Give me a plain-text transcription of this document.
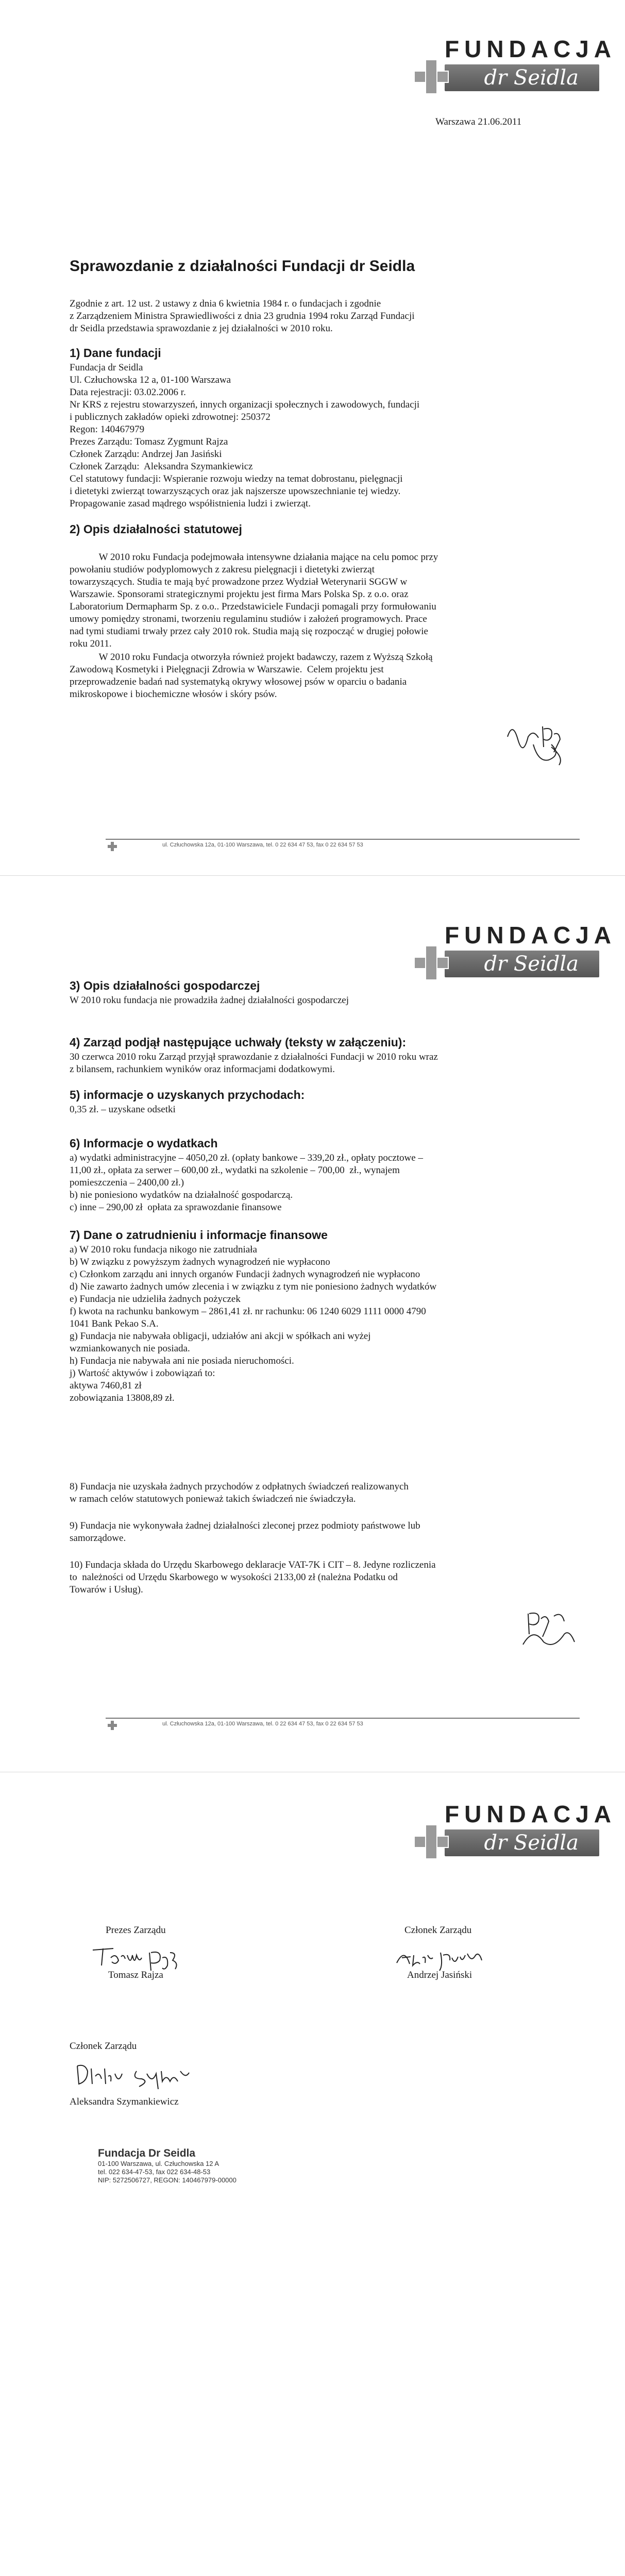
FUNDACJA
dr Seidla
Warszawa 21.06.2011
Sprawozdanie z działalności Fundacji dr Seidla
Zgodnie z art. 12 ust. 2 ustawy z dnia 6 kwietnia 1984 r. o fundacjach i zgodnie
z Zarządzeniem Ministra Sprawiedliwości z dnia 23 grudnia 1994 roku Zarząd Fundacji
dr Seidla przedstawia sprawozdanie z jej działalności w 2010 roku.
1) Dane fundacji
Fundacja dr Seidla
Ul. Człuchowska 12 a, 01-100 Warszawa
Data rejestracji: 03.02.2006 r.
Nr KRS z rejestru stowarzyszeń, innych organizacji społecznych i zawodowych, fundacji
i publicznych zakładów opieki zdrowotnej: 250372
Regon: 140467979
Prezes Zarządu: Tomasz Zygmunt Rajza
Członek Zarządu: Andrzej Jan Jasiński
Członek Zarządu:  Aleksandra Szymankiewicz
Cel statutowy fundacji: Wspieranie rozwoju wiedzy na temat dobrostanu, pielęgnacji
i dietetyki zwierząt towarzyszących oraz jak najszersze upowszechnianie tej wiedzy.
Propagowanie zasad mądrego współistnienia ludzi i zwierząt.
2) Opis działalności statutowej
W 2010 roku Fundacja podejmowała intensywne działania mające na celu pomoc przy
powołaniu studiów podyplomowych z zakresu pielęgnacji i dietetyki zwierząt
towarzyszących. Studia te mają być prowadzone przez Wydział Weterynarii SGGW w
Warszawie. Sponsorami strategicznymi projektu jest firma Mars Polska Sp. z o.o. oraz
Laboratorium Dermapharm Sp. z o.o.. Przedstawiciele Fundacji pomagali przy formułowaniu
umowy pomiędzy stronami, tworzeniu regulaminu studiów i założeń programowych. Prace
nad tymi studiami trwały przez cały 2010 rok. Studia mają się rozpocząć w drugiej połowie
roku 2011.
W 2010 roku Fundacja otworzyła również projekt badawczy, razem z Wyższą Szkołą
Zawodową Kosmetyki i Pielęgnacji Zdrowia w Warszawie.  Celem projektu jest
przeprowadzenie badań nad systematyką okrywy włosowej psów w oparciu o badania
mikroskopowe i biochemiczne włosów i skóry psów.
ul. Człuchowska 12a, 01-100 Warszawa, tel. 0 22 634 47 53, fax 0 22 634 57 53
FUNDACJA
dr Seidla
3) Opis działalności gospodarczej
W 2010 roku fundacja nie prowadziła żadnej działalności gospodarczej
4) Zarząd podjął następujące uchwały (teksty w załączeniu):
30 czerwca 2010 roku Zarząd przyjął sprawozdanie z działalności Fundacji w 2010 roku wraz
z bilansem, rachunkiem wyników oraz informacjami dodatkowymi.
5) informacje o uzyskanych przychodach:
0,35 zł. – uzyskane odsetki
6) Informacje o wydatkach
a) wydatki administracyjne – 4050,20 zł. (opłaty bankowe – 339,20 zł., opłaty pocztowe –
11,00 zł., opłata za serwer – 600,00 zł., wydatki na szkolenie – 700,00  zł., wynajem
pomieszczenia – 2400,00 zł.)
b) nie poniesiono wydatków na działalność gospodarczą.
c) inne – 290,00 zł  opłata za sprawozdanie finansowe
7) Dane o zatrudnieniu i informacje finansowe
a) W 2010 roku fundacja nikogo nie zatrudniała
b) W związku z powyższym żadnych wynagrodzeń nie wypłacono
c) Członkom zarządu ani innych organów Fundacji żadnych wynagrodzeń nie wypłacono
d) Nie zawarto żadnych umów zlecenia i w związku z tym nie poniesiono żadnych wydatków
e) Fundacja nie udzieliła żadnych pożyczek
f) kwota na rachunku bankowym – 2861,41 zł. nr rachunku: 06 1240 6029 1111 0000 4790
1041 Bank Pekao S.A.
g) Fundacja nie nabywała obligacji, udziałów ani akcji w spółkach ani wyżej
wzmiankowanych nie posiada.
h) Fundacja nie nabywała ani nie posiada nieruchomości.
j) Wartość aktywów i zobowiązań to:
aktywa 7460,81 zł
zobowiązania 13808,89 zł.
8) Fundacja nie uzyskała żadnych przychodów z odpłatnych świadczeń realizowanych
w ramach celów statutowych ponieważ takich świadczeń nie świadczyła.
9) Fundacja nie wykonywała żadnej działalności zleconej przez podmioty państwowe lub
samorządowe.
10) Fundacja składa do Urzędu Skarbowego deklaracje VAT-7K i CIT – 8. Jedyne rozliczenia
to  należności od Urzędu Skarbowego w wysokości 2133,00 zł (należna Podatku od
Towarów i Usług).
ul. Człuchowska 12a, 01-100 Warszawa, tel. 0 22 634 47 53, fax 0 22 634 57 53
FUNDACJA
dr Seidla
Prezes Zarządu
Tomasz Rajza
Członek Zarządu
Andrzej Jasiński
Członek Zarządu
Aleksandra Szymankiewicz
Fundacja Dr Seidla
01-100 Warszawa, ul. Człuchowska 12 A
tel. 022 634-47-53, fax 022 634-48-53
NIP: 5272506727, REGON: 140467979-00000
